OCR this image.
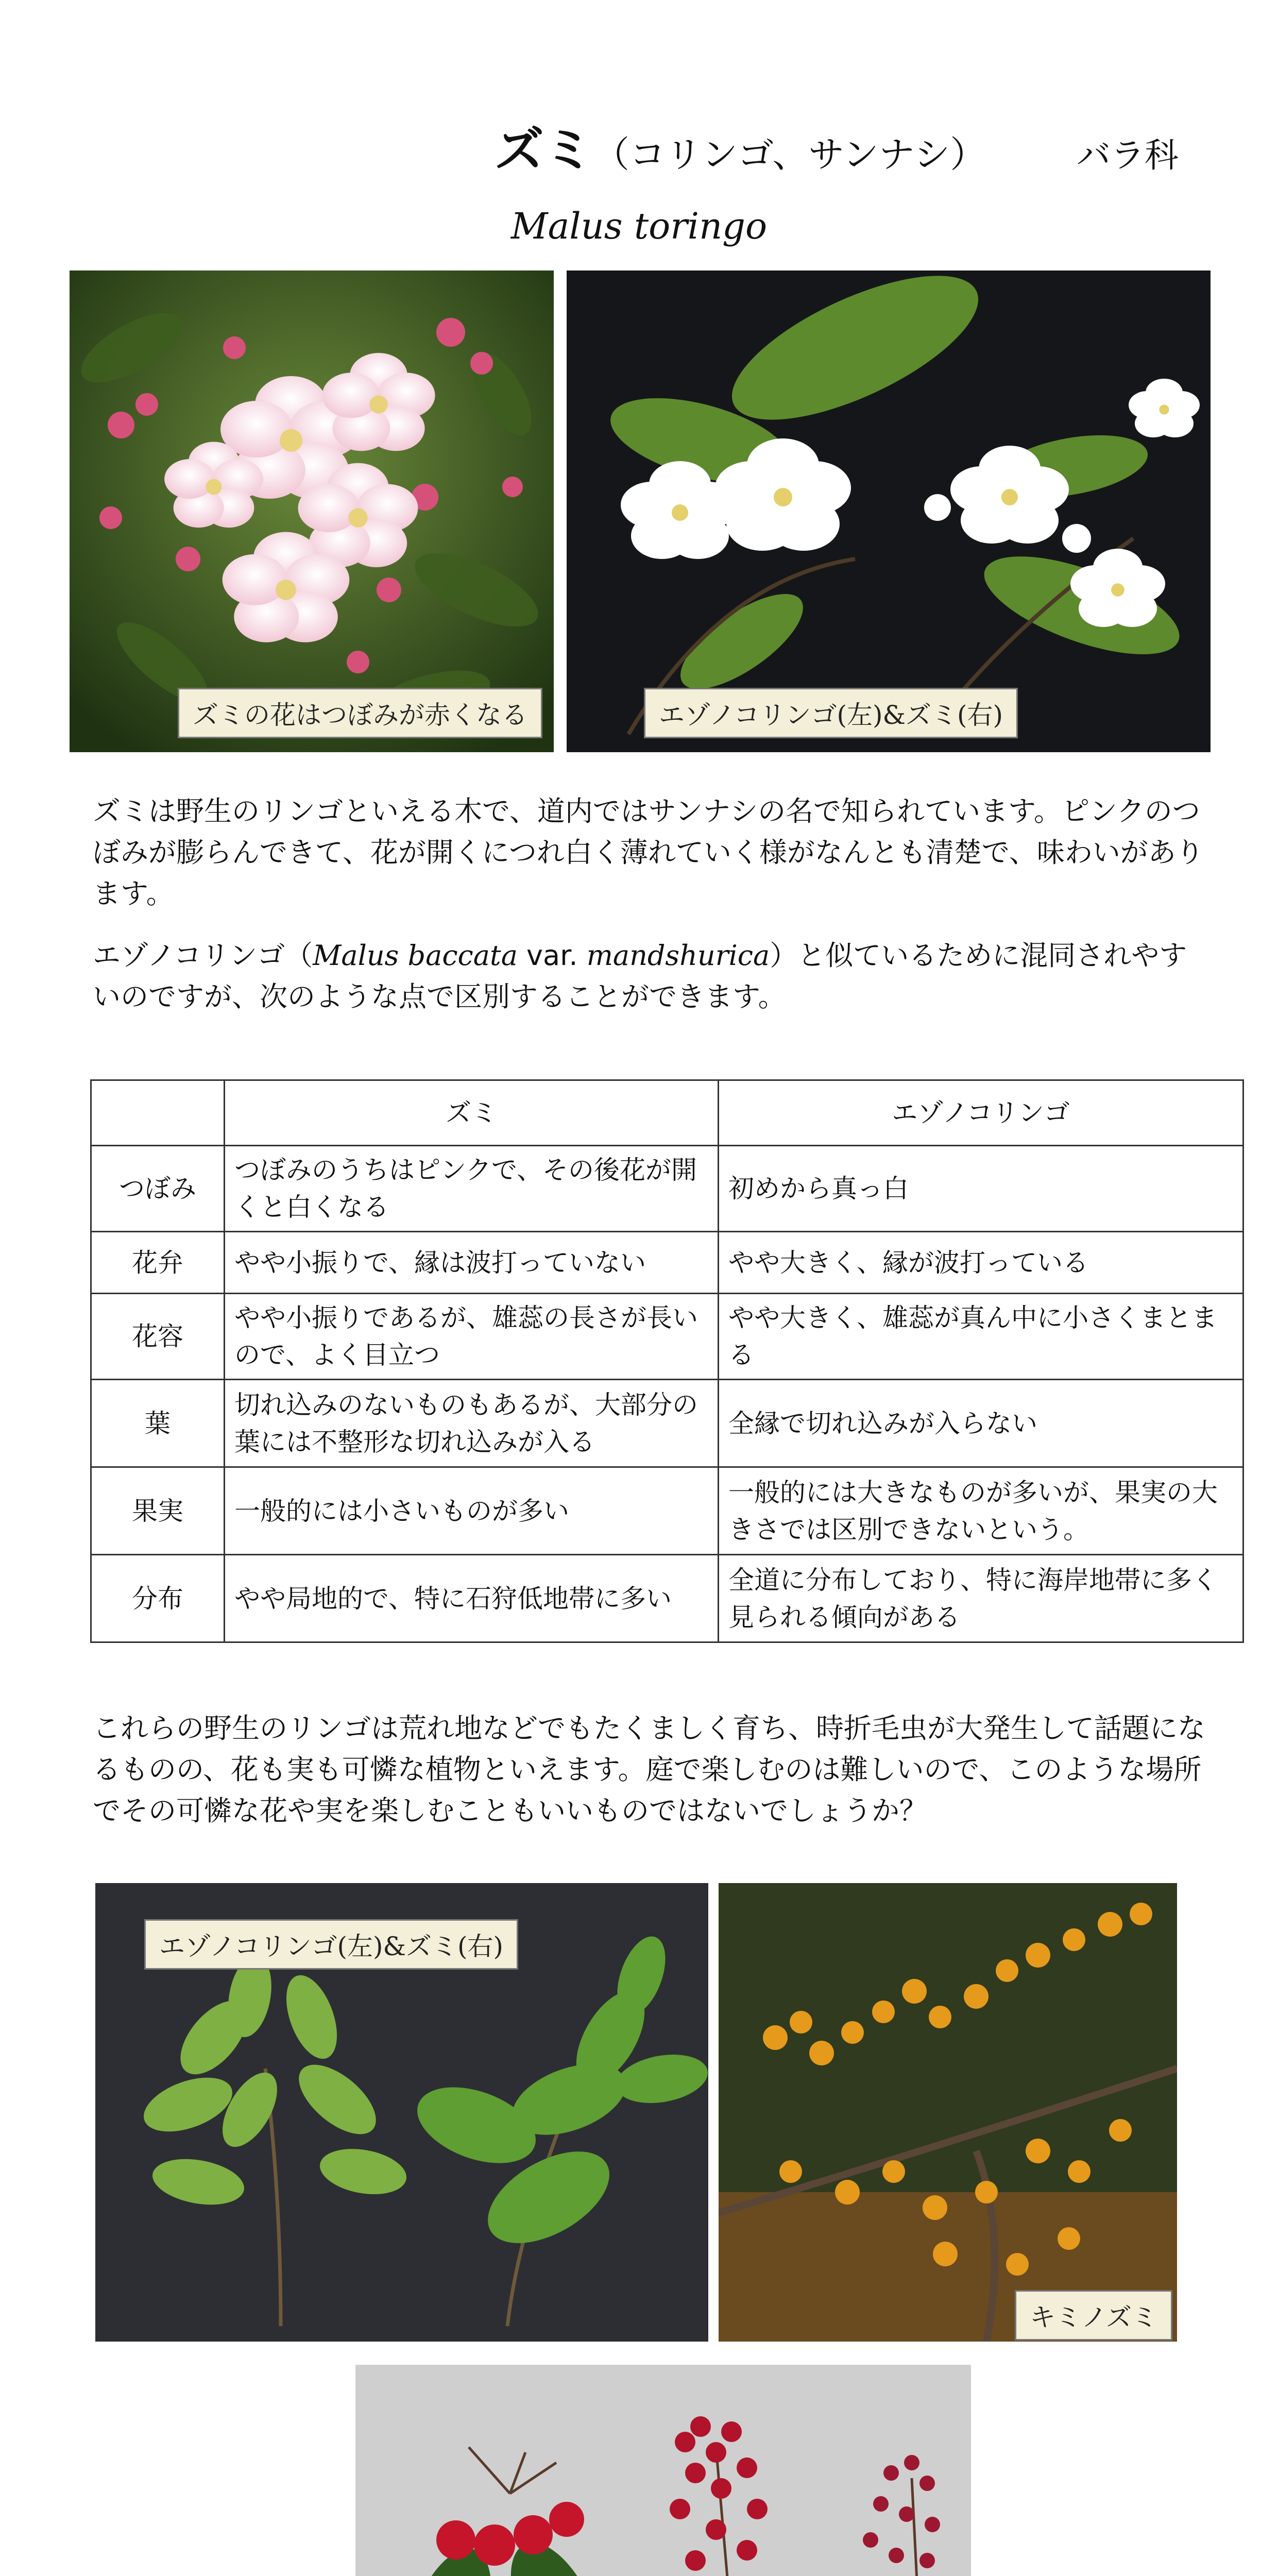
ズミ（コリンゴ、サンナシ）	バラ科
Malus toringo
ズミの花はつぼみが赤くなる	エゾノコリンゴ(左)&ズミ(右)
ズミは野生のリンゴといえる木で、道内ではサンナシの名で知られています。ピンクのつぼみが膨らんできて、花が開くにつれ白く薄れていく様がなんとも清楚で、味わいがあります。
エゾノコリンゴ（Malus baccata var. mandshurica）と似ているために混同されやすいのですが、次のような点で区別することができます。
	ズミ	エゾノコリンゴ
つぼみ	つぼみのうちはピンクで、その後花が開くと白くなる	初めから真っ白
花弁	やや小振りで、縁は波打っていない	やや大きく、縁が波打っている
花容	やや小振りであるが、雄蕊の長さが長いので、よく目立つ	やや大きく、雄蕊が真ん中に小さくまとまる
葉	切れ込みのないものもあるが、大部分の葉には不整形な切れ込みが入る	全縁で切れ込みが入らない
果実	一般的には小さいものが多い	一般的には大きなものが多いが、果実の大きさでは区別できないという。
分布	やや局地的で、特に石狩低地帯に多い	全道に分布しており、特に海岸地帯に多く見られる傾向がある
これらの野生のリンゴは荒れ地などでもたくましく育ち、時折毛虫が大発生して話題になるものの、花も実も可憐な植物といえます。庭で楽しむのは難しいので、このような場所でその可憐な花や実を楽しむこともいいものではないでしょうか？
エゾノコリンゴ(左)&ズミ(右)
キミノズミ
